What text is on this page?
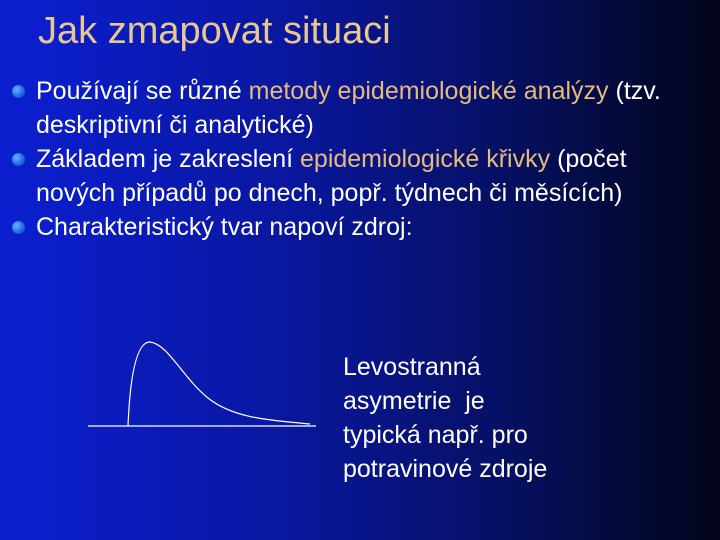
Jak zmapovat situaci

Používají se různé metody epidemiologické analýzy (tzv. deskriptivní či analytické)

Základem je zakreslení epidemiologické křivky (počet nových případů po dnech, popř. týdnech či měsících)

Charakteristický tvar napoví zdroj:

Levostranná
asymetrie  je
typická např. pro
potravinové zdroje
